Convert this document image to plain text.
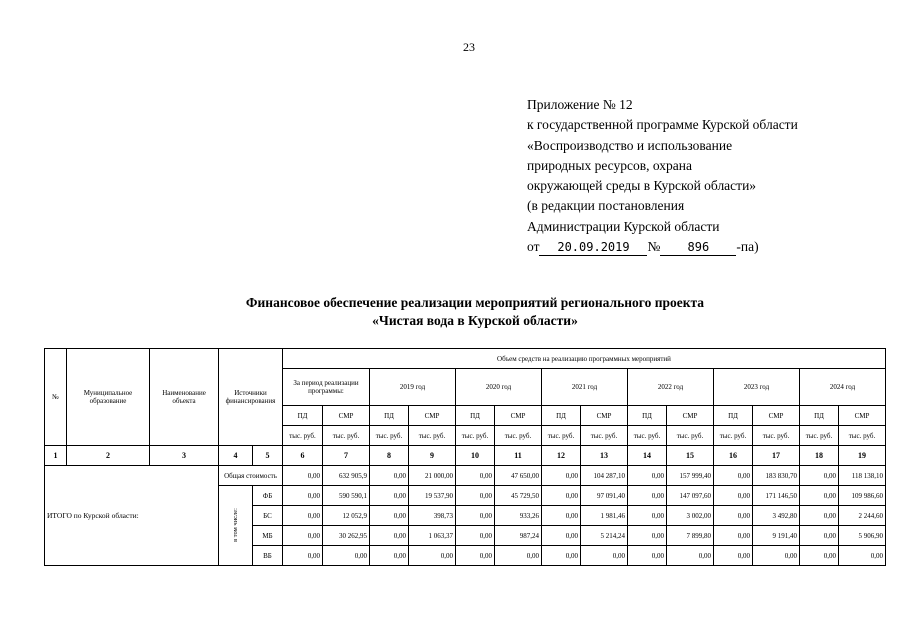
23
Приложение № 12
к государственной программе Курской области
«Воспроизводство и использование
природных ресурсов, охрана
окружающей среды в Курской области»
(в редакции постановления
Администрации Курской области
от 20.09.2019 № 896 -па)
Финансовое обеспечение реализации мероприятий регионального проекта
«Чистая вода в Курской области»
№	Муниципальное образование	Наименование объекта	Источники финансирования		Объем средств на реализацию программных мероприятий													
					За период реализации программы:		2019 год		2020 год		2021 год		2022 год		2023 год		2024 год	
					ПД	СМР	ПД	СМР	ПД	СМР	ПД	СМР	ПД	СМР	ПД	СМР	ПД	СМР
					тыс. руб.	тыс. руб.	тыс. руб.	тыс. руб.	тыс. руб.	тыс. руб.	тыс. руб.	тыс. руб.	тыс. руб.	тыс. руб.	тыс. руб.	тыс. руб.	тыс. руб.	тыс. руб.
1	2	3	4	5	6	7	8	9	10	11	12	13	14	15	16	17	18	19
ИТОГО по Курской области:			Общая стоимость		0,00	632 905,9	0,00	21 000,00	0,00	47 650,00	0,00	104 287,10	0,00	157 999,40	0,00	183 830,70	0,00	118 138,10
			в том числе:	ФБ	0,00	590 590,1	0,00	19 537,90	0,00	45 729,50	0,00	97 091,40	0,00	147 097,60	0,00	171 146,50	0,00	109 986,60
				БС	0,00	12 052,9	0,00	398,73	0,00	933,26	0,00	1 981,46	0,00	3 002,00	0,00	3 492,80	0,00	2 244,60
				МБ	0,00	30 262,95	0,00	1 063,37	0,00	987,24	0,00	5 214,24	0,00	7 899,80	0,00	9 191,40	0,00	5 906,90
				ВБ	0,00	0,00	0,00	0,00	0,00	0,00	0,00	0,00	0,00	0,00	0,00	0,00	0,00	0,00
